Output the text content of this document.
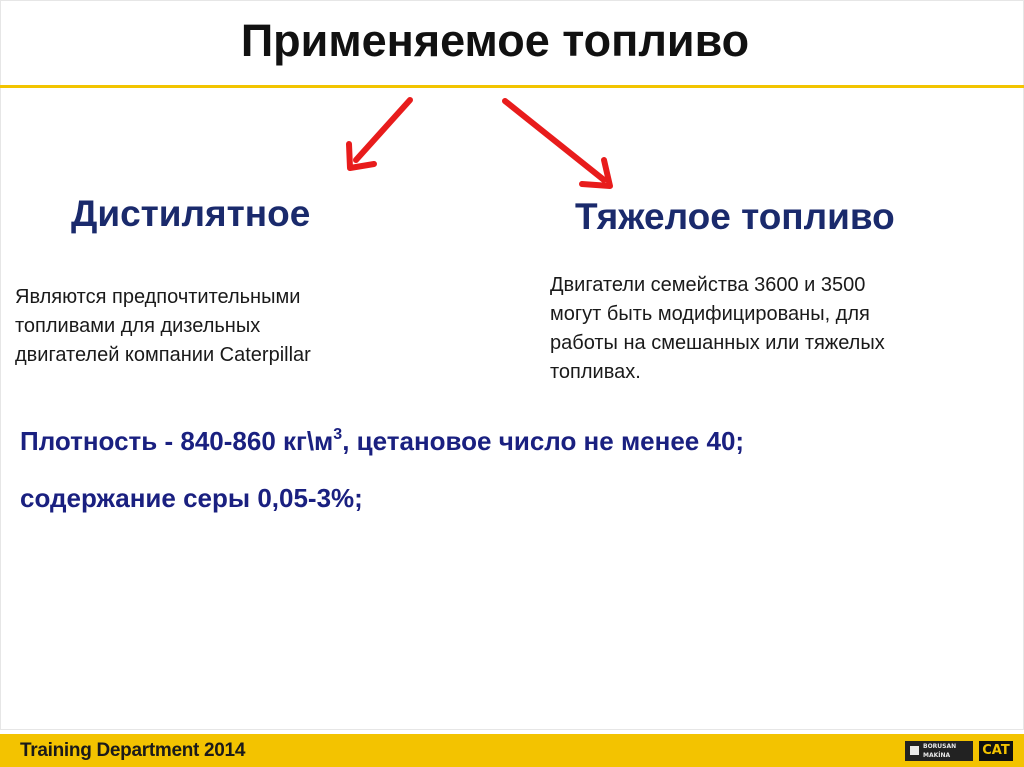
Применяемое топливо
Дистилятное	Тяжелое топливо
Являются предпочтительными
топливами для дизельных
двигателей компании Caterpillar
Двигатели семейства 3600 и 3500
могут быть модифицированы, для
работы на смешанных или тяжелых
топливах.
Плотность - 840-860 $кг\backslash м^3$, цетановое число не менее 40;
содержание серы 0,05-3%;
Training Department 2014	BORUSAN
MAKİNA	CAT
